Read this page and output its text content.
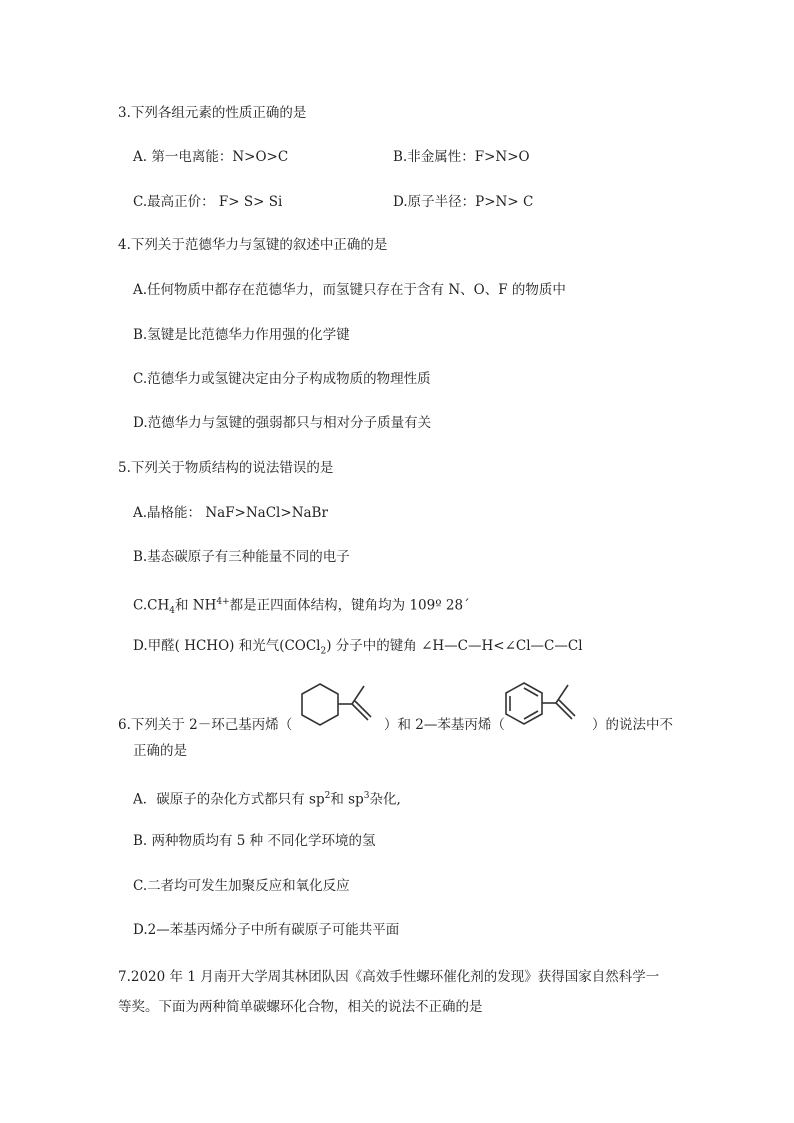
3.下列各组元素的性质正确的是
A. 第一电离能：N>O>C	B.非金属性：F>N>O
C.最高正价： F> S> Si	D.原子半径：P>N> C
4.下列关于范德华力与氢键的叙述中正确的是
A.任何物质中都存在范德华力，而氢键只存在于含有 N、O、F 的物质中
B.氢键是比范德华力作用强的化学键
C.范德华力或氢键决定由分子构成物质的物理性质
D.范德华力与氢键的强弱都只与相对分子质量有关
5.下列关于物质结构的说法错误的是
A.晶格能： NaF>NaCl>NaBr
B.基态碳原子有三种能量不同的电子
$C.CH_4$和 $NH^{4+}$都是正四面体结构，键角均为 109º 28´
D.甲醛( HCHO) 和光气(COCl$_2$) 分子中的键角 ∠H—C—H<∠Cl—C—Cl
6.下列关于 2－环己基丙烯（	）和 2—苯基丙烯（	）的说法中不
正确的是
A．碳原子的杂化方式都只有 $sp^2$和 $sp^3$杂化,
B. 两种物质均有 5 种 不同化学环境的氢
C.二者均可发生加聚反应和氧化反应
D.2—苯基丙烯分子中所有碳原子可能共平面
7.2020 年 1 月南开大学周其林团队因《高效手性螺环催化剂的发现》获得国家自然科学一
等奖。下面为两种简单碳螺环化合物，相关的说法不正确的是
